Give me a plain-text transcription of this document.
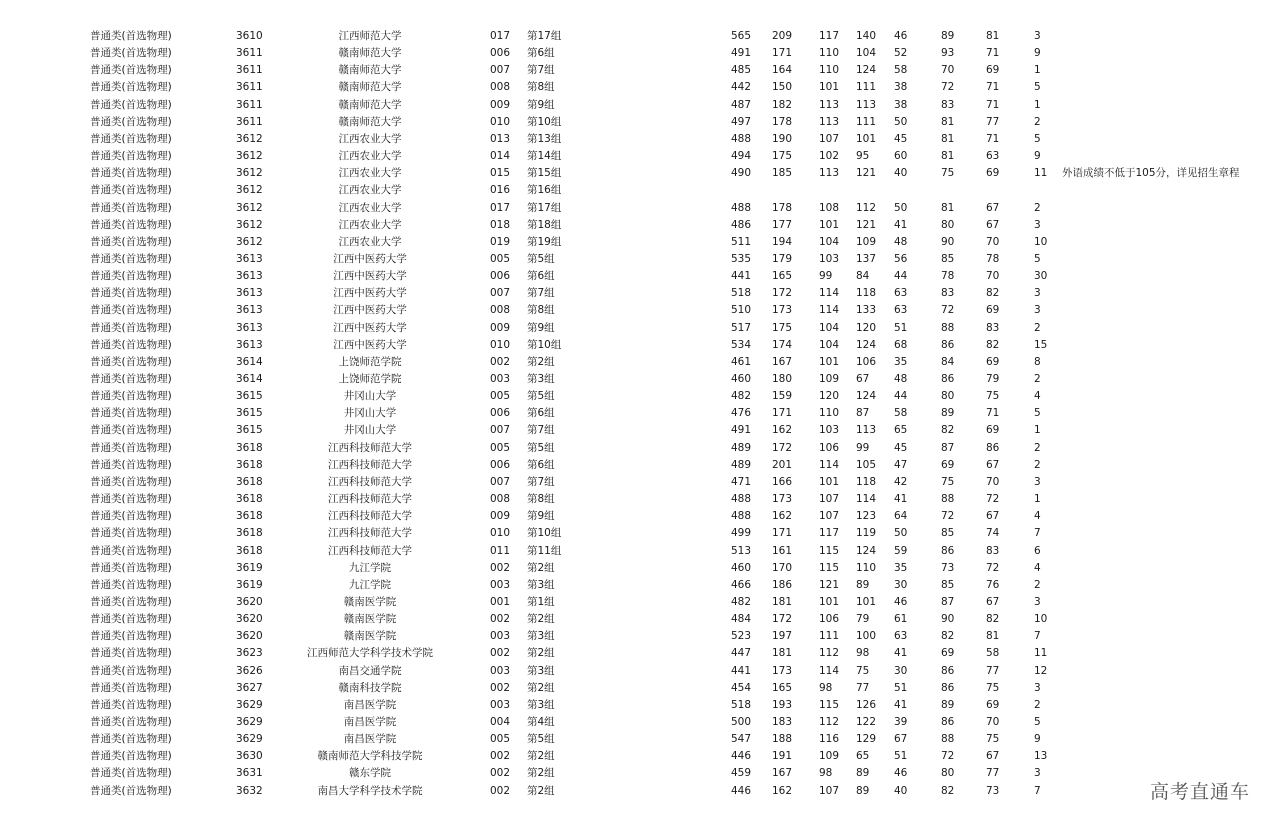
普通类(首选物理)	3610	江西师范大学	017 第17组	565 209	117 140 46	89	81	3
普通类(首选物理)	3611	赣南师范大学	006 第6组	491 171	110 104 52	93	71	9
普通类(首选物理)	3611	赣南师范大学	007 第7组	485 164	110 124 58	70	69	1
普通类(首选物理)	3611	赣南师范大学	008 第8组	442 150	101 111 38	72	71	5
普通类(首选物理)	3611	赣南师范大学	009 第9组	487 182	113 113 38	83	71	1
普通类(首选物理)	3611	赣南师范大学	010 第10组	497 178	113 111 50	81	77	2
普通类(首选物理)	3612	江西农业大学	013 第13组	488 190	107 101 45	81	71	5
普通类(首选物理)	3612	江西农业大学	014 第14组	494 175	102 95 60	81	63	9
普通类(首选物理)	3612	江西农业大学	015 第15组	490 185	113 121 40	75	69	11 外语成绩不低于105分，详见招生章程
普通类(首选物理)	3612	江西农业大学	016 第16组
普通类(首选物理)	3612	江西农业大学	017 第17组	488 178	108 112 50	81	67	2
普通类(首选物理)	3612	江西农业大学	018 第18组	486 177	101 121 41	80	67	3
普通类(首选物理)	3612	江西农业大学	019 第19组	511 194	104 109 48	90	70	10
普通类(首选物理)	3613	江西中医药大学	005 第5组	535 179	103 137 56	85	78	5
普通类(首选物理)	3613	江西中医药大学	006 第6组	441 165	99 84 44	78	70	30
普通类(首选物理)	3613	江西中医药大学	007 第7组	518 172	114 118 63	83	82	3
普通类(首选物理)	3613	江西中医药大学	008 第8组	510 173	114 133 63	72	69	3
普通类(首选物理)	3613	江西中医药大学	009 第9组	517 175	104 120 51	88	83	2
普通类(首选物理)	3613	江西中医药大学	010 第10组	534 174	104 124 68	86	82	15
普通类(首选物理)	3614	上饶师范学院	002 第2组	461 167	101 106 35	84	69	8
普通类(首选物理)	3614	上饶师范学院	003 第3组	460 180	109 67 48	86	79	2
普通类(首选物理)	3615	井冈山大学	005 第5组	482 159	120 124 44	80	75	4
普通类(首选物理)	3615	井冈山大学	006 第6组	476 171	110 87 58	89	71	5
普通类(首选物理)	3615	井冈山大学	007 第7组	491 162	103 113 65	82	69	1
普通类(首选物理)	3618	江西科技师范大学	005 第5组	489 172	106 99 45	87	86	2
普通类(首选物理)	3618	江西科技师范大学	006 第6组	489 201	114 105 47	69	67	2
普通类(首选物理)	3618	江西科技师范大学	007 第7组	471 166	101 118 42	75	70	3
普通类(首选物理)	3618	江西科技师范大学	008 第8组	488 173	107 114 41	88	72	1
普通类(首选物理)	3618	江西科技师范大学	009 第9组	488 162	107 123 64	72	67	4
普通类(首选物理)	3618	江西科技师范大学	010 第10组	499 171	117 119 50	85	74	7
普通类(首选物理)	3618	江西科技师范大学	011 第11组	513 161	115 124 59	86	83	6
普通类(首选物理)	3619	九江学院	002 第2组	460 170	115 110 35	73	72	4
普通类(首选物理)	3619	九江学院	003 第3组	466 186	121 89 30	85	76	2
普通类(首选物理)	3620	赣南医学院	001 第1组	482 181	101 101 46	87	67	3
普通类(首选物理)	3620	赣南医学院	002 第2组	484 172	106 79 61	90	82	10
普通类(首选物理)	3620	赣南医学院	003 第3组	523 197	111 100 63	82	81	7
普通类(首选物理)	3623	江西师范大学科学技术学院	002 第2组	447 181	112 98 41	69	58	11
普通类(首选物理)	3626	南昌交通学院	003 第3组	441 173	114 75 30	86	77	12
普通类(首选物理)	3627	赣南科技学院	002 第2组	454 165	98 77 51	86	75	3
普通类(首选物理)	3629	南昌医学院	003 第3组	518 193	115 126 41	89	69	2
普通类(首选物理)	3629	南昌医学院	004 第4组	500 183	112 122 39	86	70	5
普通类(首选物理)	3629	南昌医学院	005 第5组	547 188	116 129 67	88	75	9
普通类(首选物理)	3630	赣南师范大学科技学院	002 第2组	446 191	109 65 51	72	67	13
普通类(首选物理)	3631	赣东学院	002 第2组	459 167	98 89 46	80	77	3
普通类(首选物理)	3632	南昌大学科学技术学院	002 第2组	446 162	107 89 40	82	73	7	高考直通车
